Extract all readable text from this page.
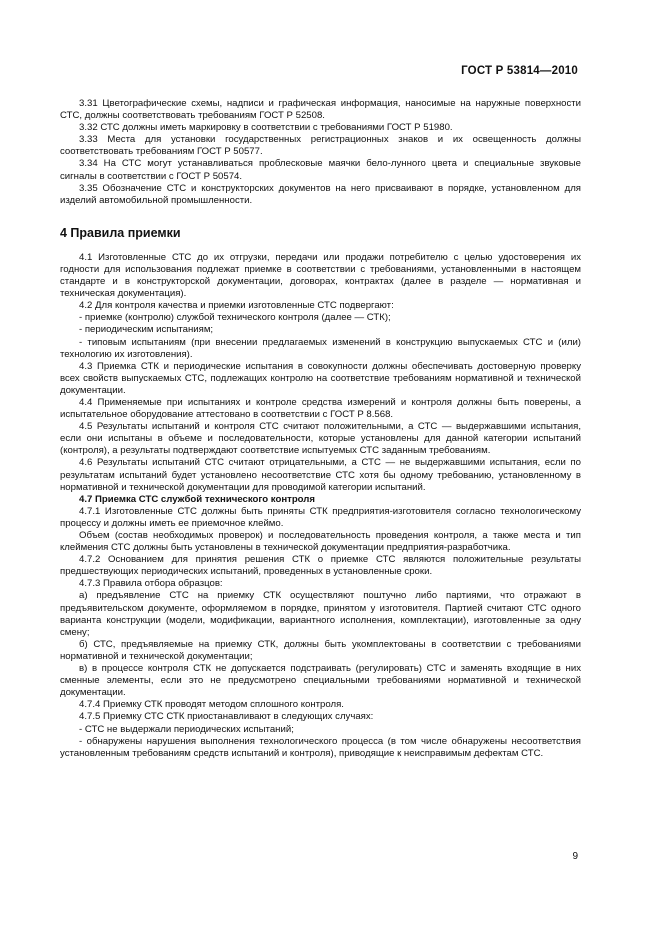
ГОСТ Р 53814—2010

3.31 Цветографические схемы, надписи и графическая информация, наносимые на наружные поверхности СТС, должны соответствовать требованиям ГОСТ Р 52508.

3.32 СТС должны иметь маркировку в соответствии с требованиями ГОСТ Р 51980.

3.33 Места для установки государственных регистрационных знаков и их освещенность должны соответствовать требованиям ГОСТ Р 50577.

3.34 На СТС могут устанавливаться проблесковые маячки бело-лунного цвета и специальные звуковые сигналы в соответствии с ГОСТ Р 50574.

3.35 Обозначение СТС и конструкторских документов на него присваивают в порядке, установленном для изделий автомобильной промышленности.

4 Правила приемки

4.1 Изготовленные СТС до их отгрузки, передачи или продажи потребителю с целью удостоверения их годности для использования подлежат приемке в соответствии с требованиями, установленными в настоящем стандарте и в конструкторской документации, договорах, контрактах (далее в разделе — нормативная и техническая документация).

4.2 Для контроля качества и приемки изготовленные СТС подвергают:

- приемке (контролю) службой технического контроля (далее — СТК);

- периодическим испытаниям;

- типовым испытаниям (при внесении предлагаемых изменений в конструкцию выпускаемых СТС и (или) технологию их изготовления).

4.3 Приемка СТК и периодические испытания в совокупности должны обеспечивать достоверную проверку всех свойств выпускаемых СТС, подлежащих контролю на соответствие требованиям нормативной и технической документации.

4.4 Применяемые при испытаниях и контроле средства измерений и контроля должны быть поверены, а испытательное оборудование аттестовано в соответствии с ГОСТ Р 8.568.

4.5 Результаты испытаний и контроля СТС считают положительными, а СТС — выдержавшими испытания, если они испытаны в объеме и последовательности, которые установлены для данной категории испытаний (контроля), а результаты подтверждают соответствие испытуемых СТС заданным требованиям.

4.6 Результаты испытаний СТС считают отрицательными, а СТС — не выдержавшими испытания, если по результатам испытаний будет установлено несоответствие СТС хотя бы одному требованию, установленному в нормативной и технической документации для проводимой категории испытаний.

4.7 Приемка СТС службой технического контроля

4.7.1 Изготовленные СТС должны быть приняты СТК предприятия-изготовителя согласно технологическому процессу и должны иметь ее приемочное клеймо.

Объем (состав необходимых проверок) и последовательность проведения контроля, а также места и тип клеймения СТС должны быть установлены в технической документации предприятия-разработчика.

4.7.2 Основанием для принятия решения СТК о приемке СТС являются положительные результаты предшествующих периодических испытаний, проведенных в установленные сроки.

4.7.3 Правила отбора образцов:

а) предъявление СТС на приемку СТК осуществляют поштучно либо партиями, что отражают в предъявительском документе, оформляемом в порядке, принятом у изготовителя. Партией считают СТС одного варианта конструкции (модели, модификации, вариантного исполнения, комплектации), изготовленные за одну смену;

б) СТС, предъявляемые на приемку СТК, должны быть укомплектованы в соответствии с требованиями нормативной и технической документации;

в) в процессе контроля СТК не допускается подстраивать (регулировать) СТС и заменять входящие в них сменные элементы, если это не предусмотрено специальными требованиями нормативной и технической документации.

4.7.4 Приемку СТК проводят методом сплошного контроля.

4.7.5 Приемку СТС СТК приостанавливают в следующих случаях:

- СТС не выдержали периодических испытаний;

- обнаружены нарушения выполнения технологического процесса (в том числе обнаружены несоответствия установленным требованиям средств испытаний и контроля), приводящие к неисправимым дефектам СТС.

9
